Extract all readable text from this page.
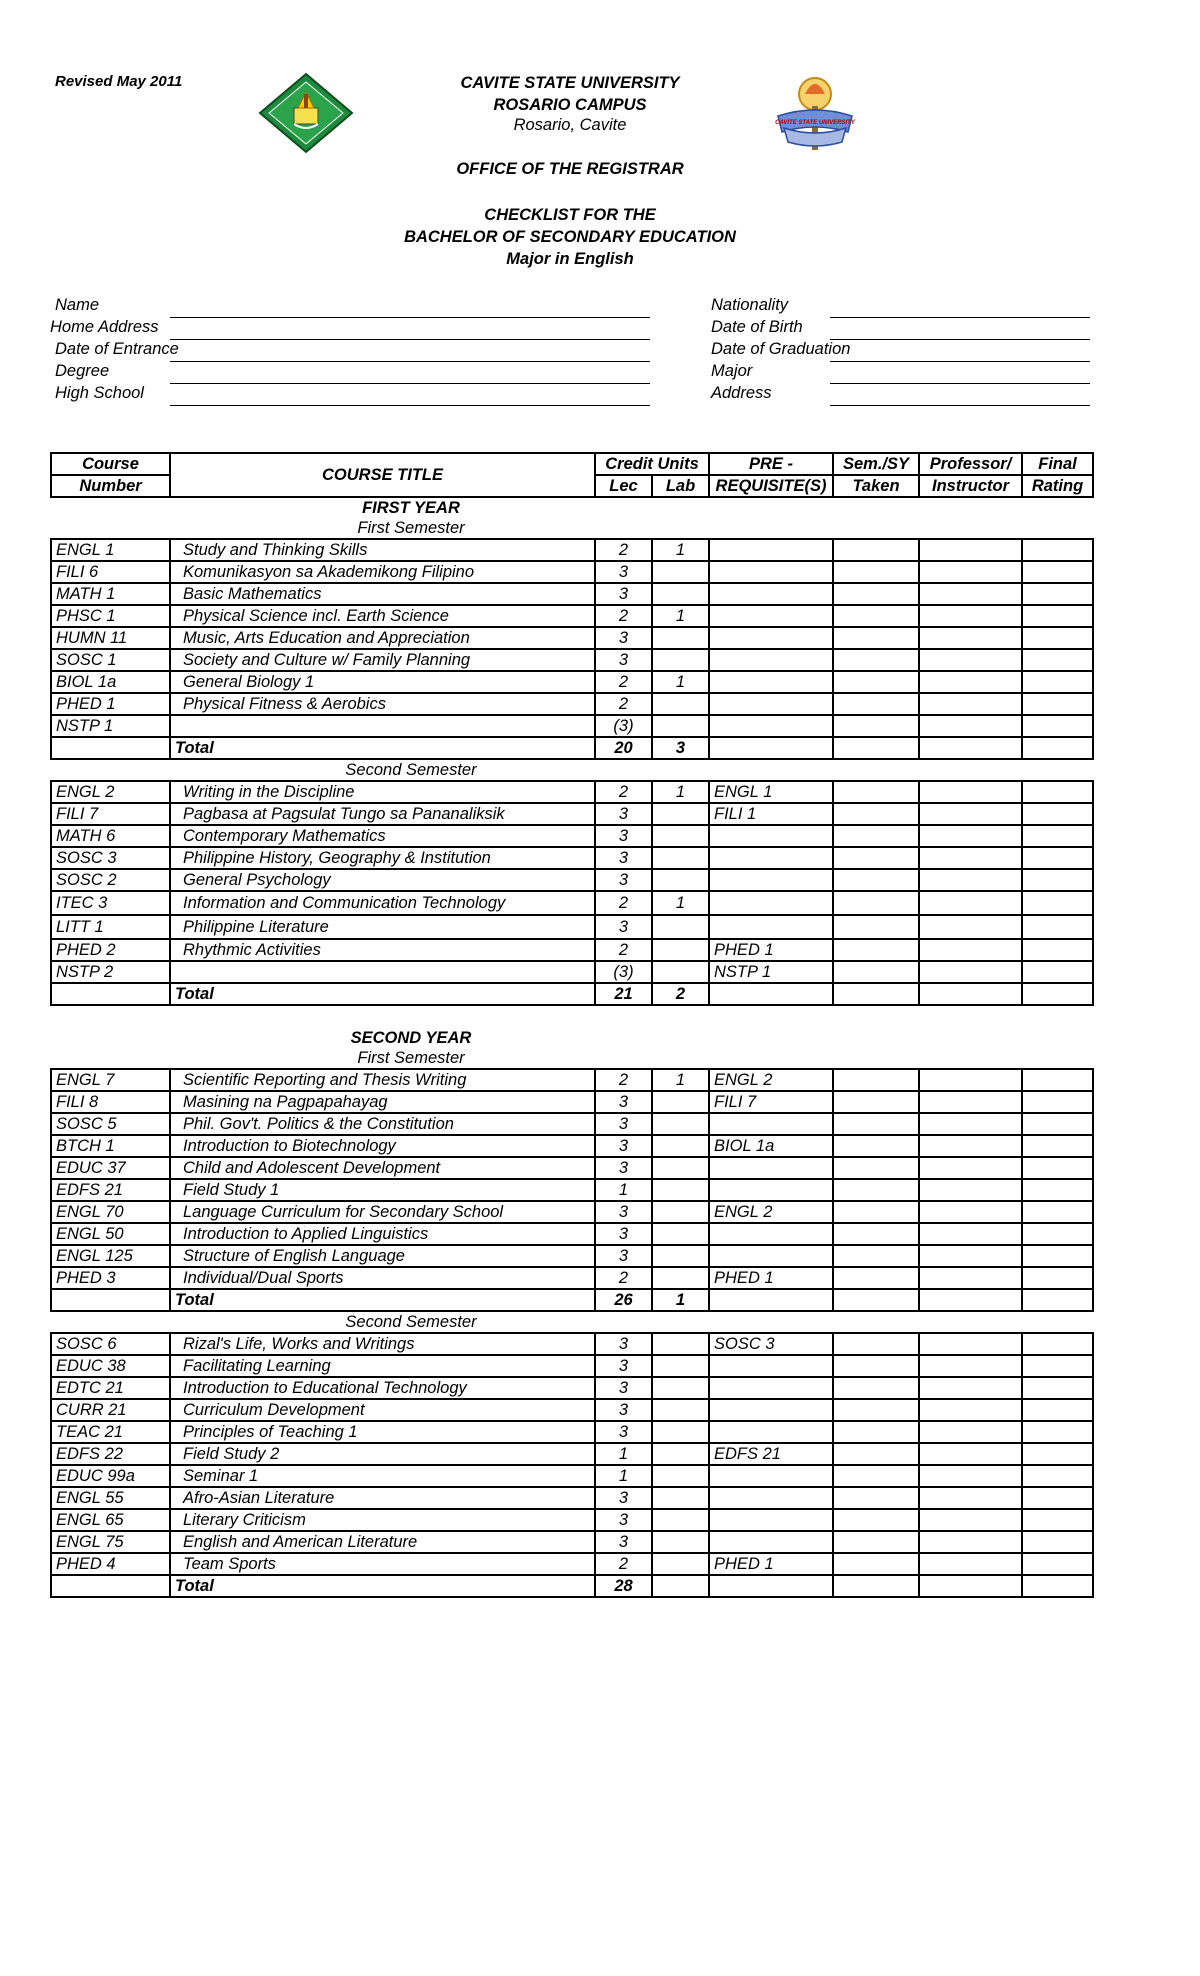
Revised May 2011
CAVITE STATE UNIVERSITY
CAVITE STATE UNIVERSITY
ROSARIO CAMPUS
Rosario, Cavite
OFFICE OF THE REGISTRAR
CHECKLIST FOR THE
BACHELOR OF SECONDARY EDUCATION
Major in English
Name
Home Address
Date of Entrance
Degree
High School
Nationality
Date of Birth
Date of Graduation
Major
Address
Course	COURSE TITLE	Credit Units		PRE -	Sem./SY	Professor/	Final
Number		Lec	Lab	REQUISITE(S)	Taken	Instructor	Rating
	FIRST YEAR						
	First Semester						
ENGL 1	Study and Thinking Skills	2	1				
FILI 6	Komunikasyon sa Akademikong Filipino	3					
MATH 1	Basic Mathematics	3					
PHSC 1	Physical Science incl. Earth Science	2	1				
HUMN 11	Music, Arts Education and Appreciation	3					
SOSC 1	Society and Culture w/ Family Planning	3					
BIOL 1a	General Biology 1	2	1				
PHED 1	Physical Fitness & Aerobics	2					
NSTP 1		(3)					
	Total	20	3				
	Second Semester						
ENGL 2	Writing in the Discipline	2	1	ENGL 1			
FILI 7	Pagbasa at Pagsulat Tungo sa Pananaliksik	3		FILI 1			
MATH 6	Contemporary Mathematics	3					
SOSC 3	Philippine History, Geography & Institution	3					
SOSC 2	General Psychology	3					
ITEC 3	Information and Communication Technology	2	1				
LITT 1	Philippine Literature	3					
PHED 2	Rhythmic Activities	2		PHED 1			
NSTP 2		(3)		NSTP 1			
	Total	21	2				

	SECOND YEAR						
	First Semester						
ENGL 7	Scientific Reporting and Thesis Writing	2	1	ENGL 2			
FILI 8	Masining na Pagpapahayag	3		FILI 7			
SOSC 5	Phil. Gov't. Politics & the Constitution	3					
BTCH 1	Introduction to Biotechnology	3		BIOL 1a			
EDUC 37	Child and Adolescent Development	3					
EDFS 21	Field Study 1	1					
ENGL 70	Language Curriculum for Secondary School	3		ENGL 2			
ENGL 50	Introduction to Applied Linguistics	3					
ENGL 125	Structure of English Language	3					
PHED 3	Individual/Dual Sports	2		PHED 1			
	Total	26	1				
	Second Semester						
SOSC 6	Rizal's Life, Works and Writings	3		SOSC 3			
EDUC 38	Facilitating Learning	3					
EDTC 21	Introduction to Educational Technology	3					
CURR 21	Curriculum Development	3					
TEAC 21	Principles of Teaching 1	3					
EDFS 22	Field Study 2	1		EDFS 21			
EDUC 99a	Seminar 1	1					
ENGL 55	Afro-Asian Literature	3					
ENGL 65	Literary Criticism	3					
ENGL 75	English and American Literature	3					
PHED 4	Team Sports	2		PHED 1			
	Total	28					
